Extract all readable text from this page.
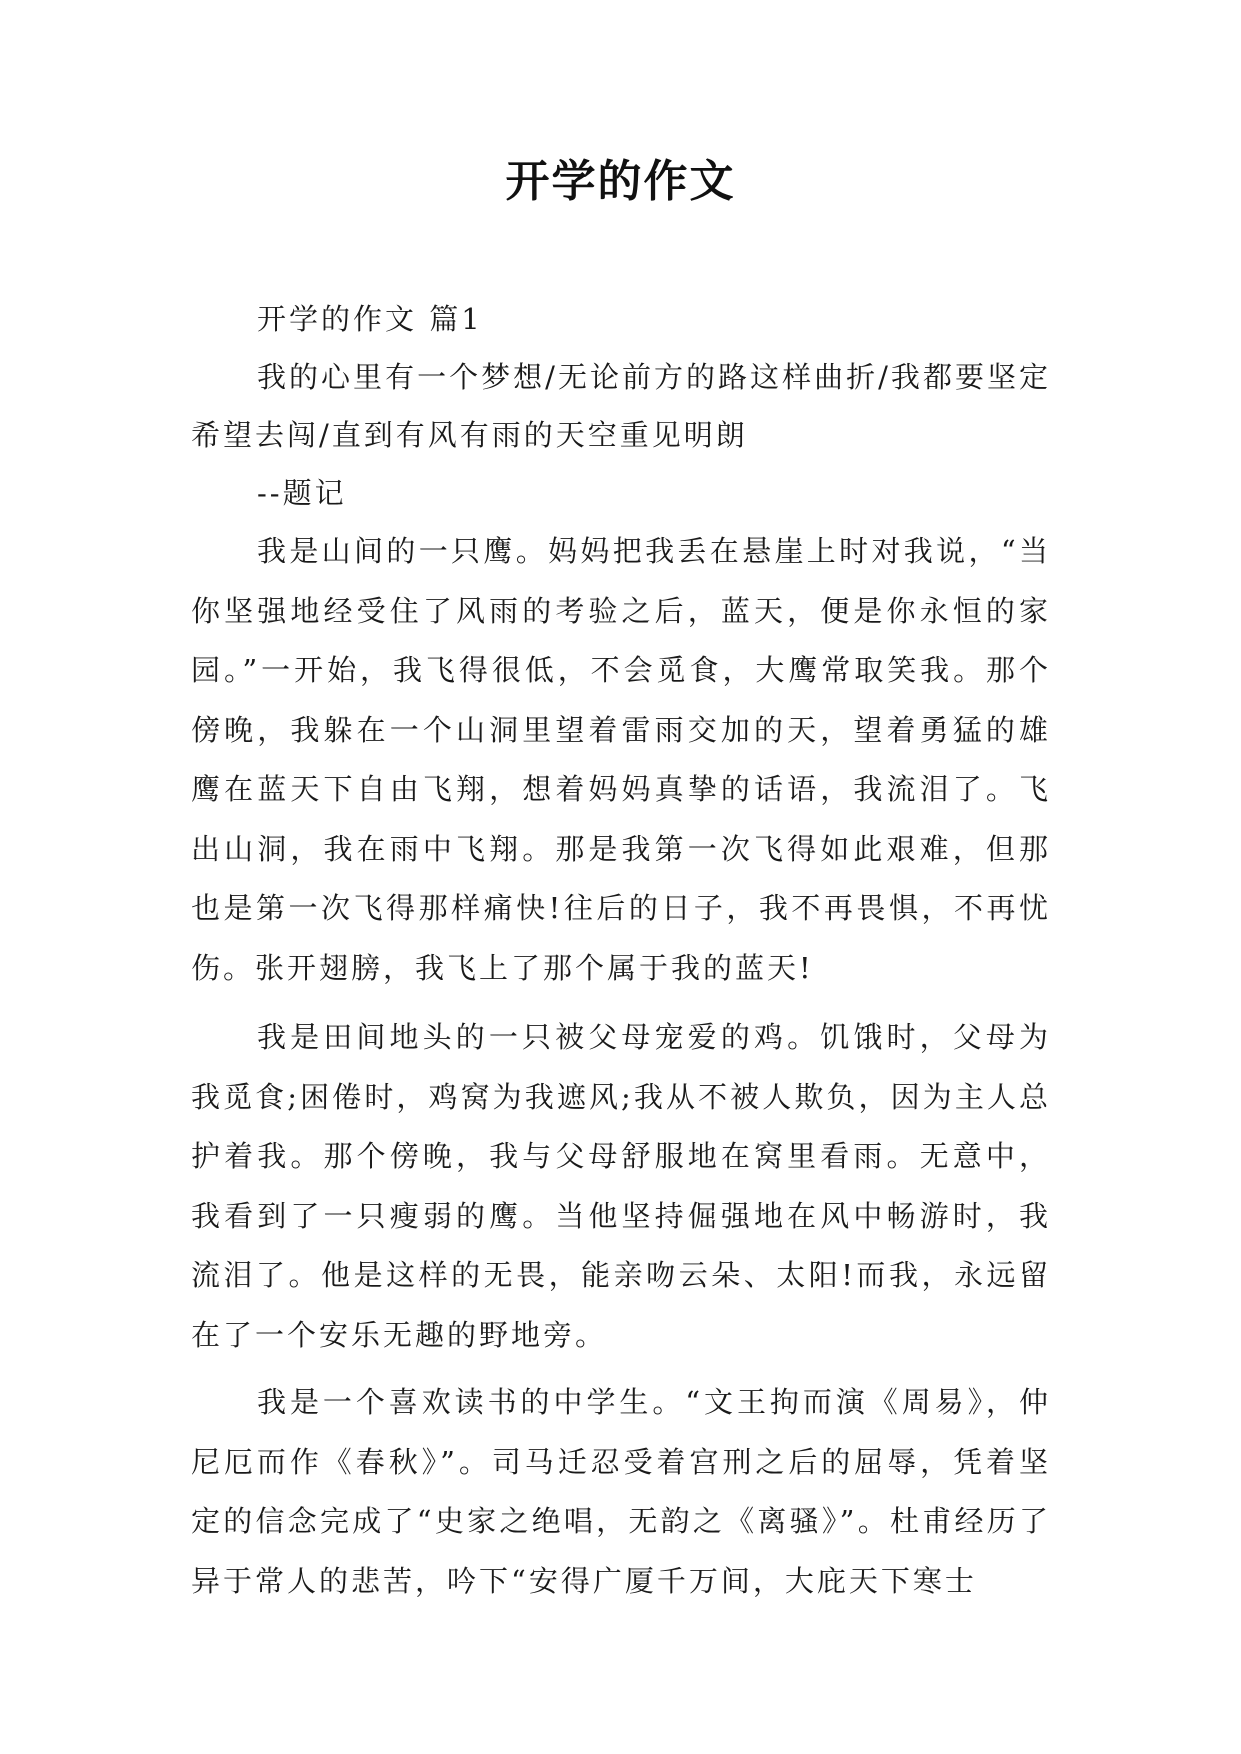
开学的作文

开学的作文 篇1

我的心里有一个梦想/无论前方的路这样曲折/我都要坚定希望去闯/直到有风有雨的天空重见明朗

--题记

我是山间的一只鹰。妈妈把我丢在悬崖上时对我说，“当你坚强地经受住了风雨的考验之后，蓝天，便是你永恒的家园。”一开始，我飞得很低，不会觅食，大鹰常取笑我。那个傍晚，我躲在一个山洞里望着雷雨交加的天，望着勇猛的雄鹰在蓝天下自由飞翔，想着妈妈真挚的话语，我流泪了。飞出山洞，我在雨中飞翔。那是我第一次飞得如此艰难，但那也是第一次飞得那样痛快!往后的日子，我不再畏惧，不再忧伤。张开翅膀，我飞上了那个属于我的蓝天!

我是田间地头的一只被父母宠爱的鸡。饥饿时，父母为我觅食;困倦时，鸡窝为我遮风;我从不被人欺负，因为主人总护着我。那个傍晚，我与父母舒服地在窝里看雨。无意中，我看到了一只瘦弱的鹰。当他坚持倔强地在风中畅游时，我流泪了。他是这样的无畏，能亲吻云朵、太阳!而我，永远留在了一个安乐无趣的野地旁。

我是一个喜欢读书的中学生。“文王拘而演《周易》，仲尼厄而作《春秋》”。司马迁忍受着宫刑之后的屈辱，凭着坚定的信念完成了“史家之绝唱，无韵之《离骚》”。杜甫经历了异于常人的悲苦，吟下“安得广厦千万间，大庇天下寒士
